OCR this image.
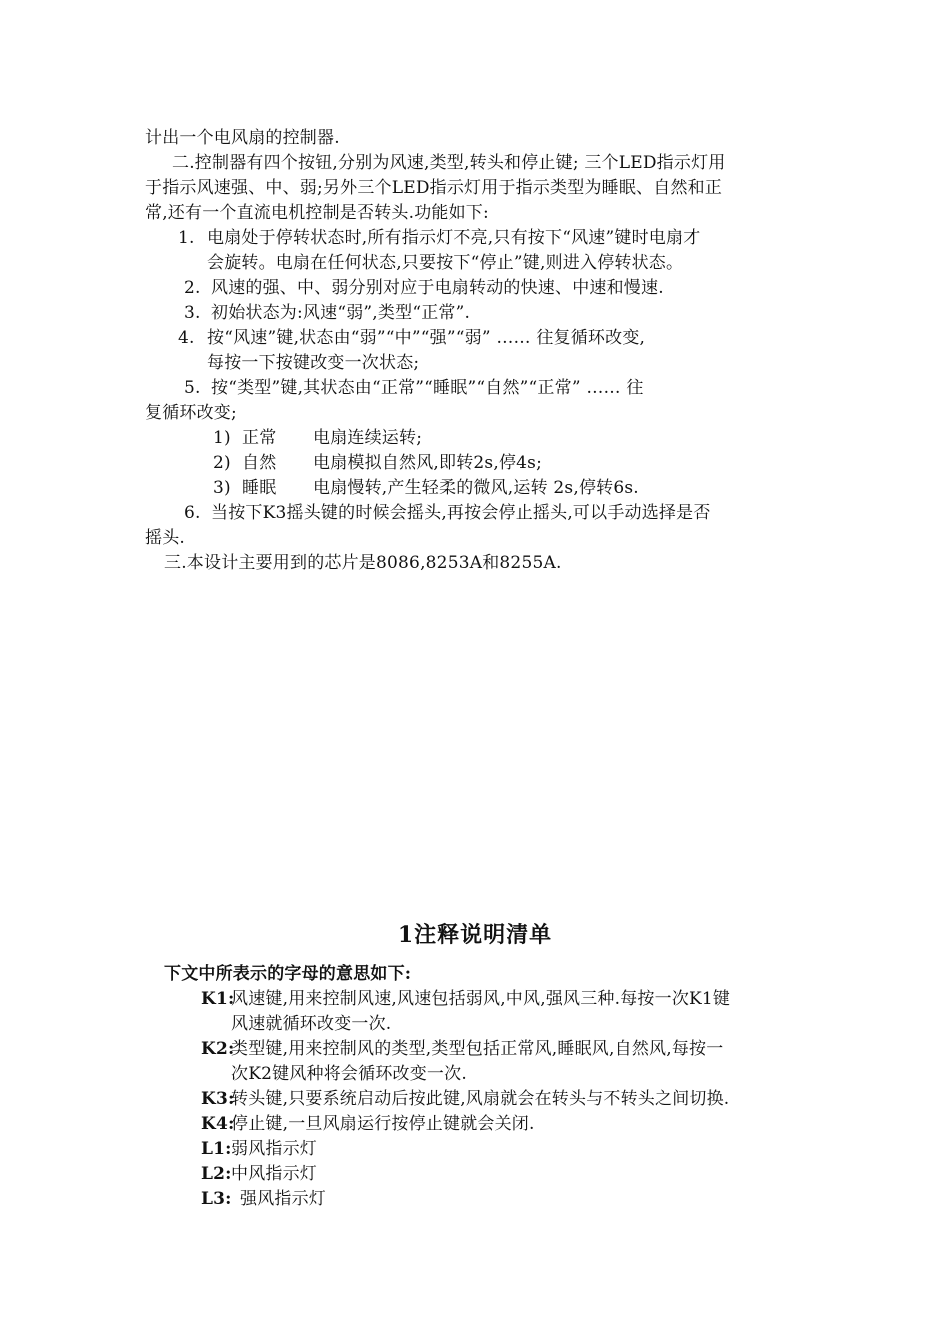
计出一个电风扇的控制器.
二.控制器有四个按钮,分别为风速,类型,转头和停止键; 三个LED指示灯用
于指示风速强、中、弱;另外三个LED指示灯用于指示类型为睡眠、自然和正
常,还有一个直流电机控制是否转头.功能如下:
1. 电扇处于停转状态时,所有指示灯不亮,只有按下“风速”键时电扇才
会旋转。电扇在任何状态,只要按下“停止”键,则进入停转状态。
2. 风速的强、中、弱分别对应于电扇转动的快速、中速和慢速.
3. 初始状态为:风速“弱”,类型“正常”.
4. 按“风速”键,状态由“弱”“中”“强”“弱” …… 往复循环改变,
每按一下按键改变一次状态;
5. 按“类型”键,其状态由“正常”“睡眠”“自然”“正常” …… 往
复循环改变;
1) 正常 电扇连续运转;
2) 自然 电扇模拟自然风,即转2s,停4s;
3) 睡眠 电扇慢转,产生轻柔的微风,运转 2s,停转6s.
6. 当按下K3摇头键的时候会摇头,再按会停止摇头,可以手动选择是否
摇头.
三.本设计主要用到的芯片是8086,8253A和8255A.
1注释说明清单
下文中所表示的字母的意思如下:
K1:
风速键,用来控制风速,风速包括弱风,中风,强风三种.每按一次K1键
风速就循环改变一次.
K2:
类型键,用来控制风的类型,类型包括正常风,睡眠风,自然风,每按一
次K2键风种将会循环改变一次.
K3:
转头键,只要系统启动后按此键,风扇就会在转头与不转头之间切换.
K4:
停止键,一旦风扇运行按停止键就会关闭.
L1: 弱风指示灯
L2: 中风指示灯
L3: 强风指示灯
